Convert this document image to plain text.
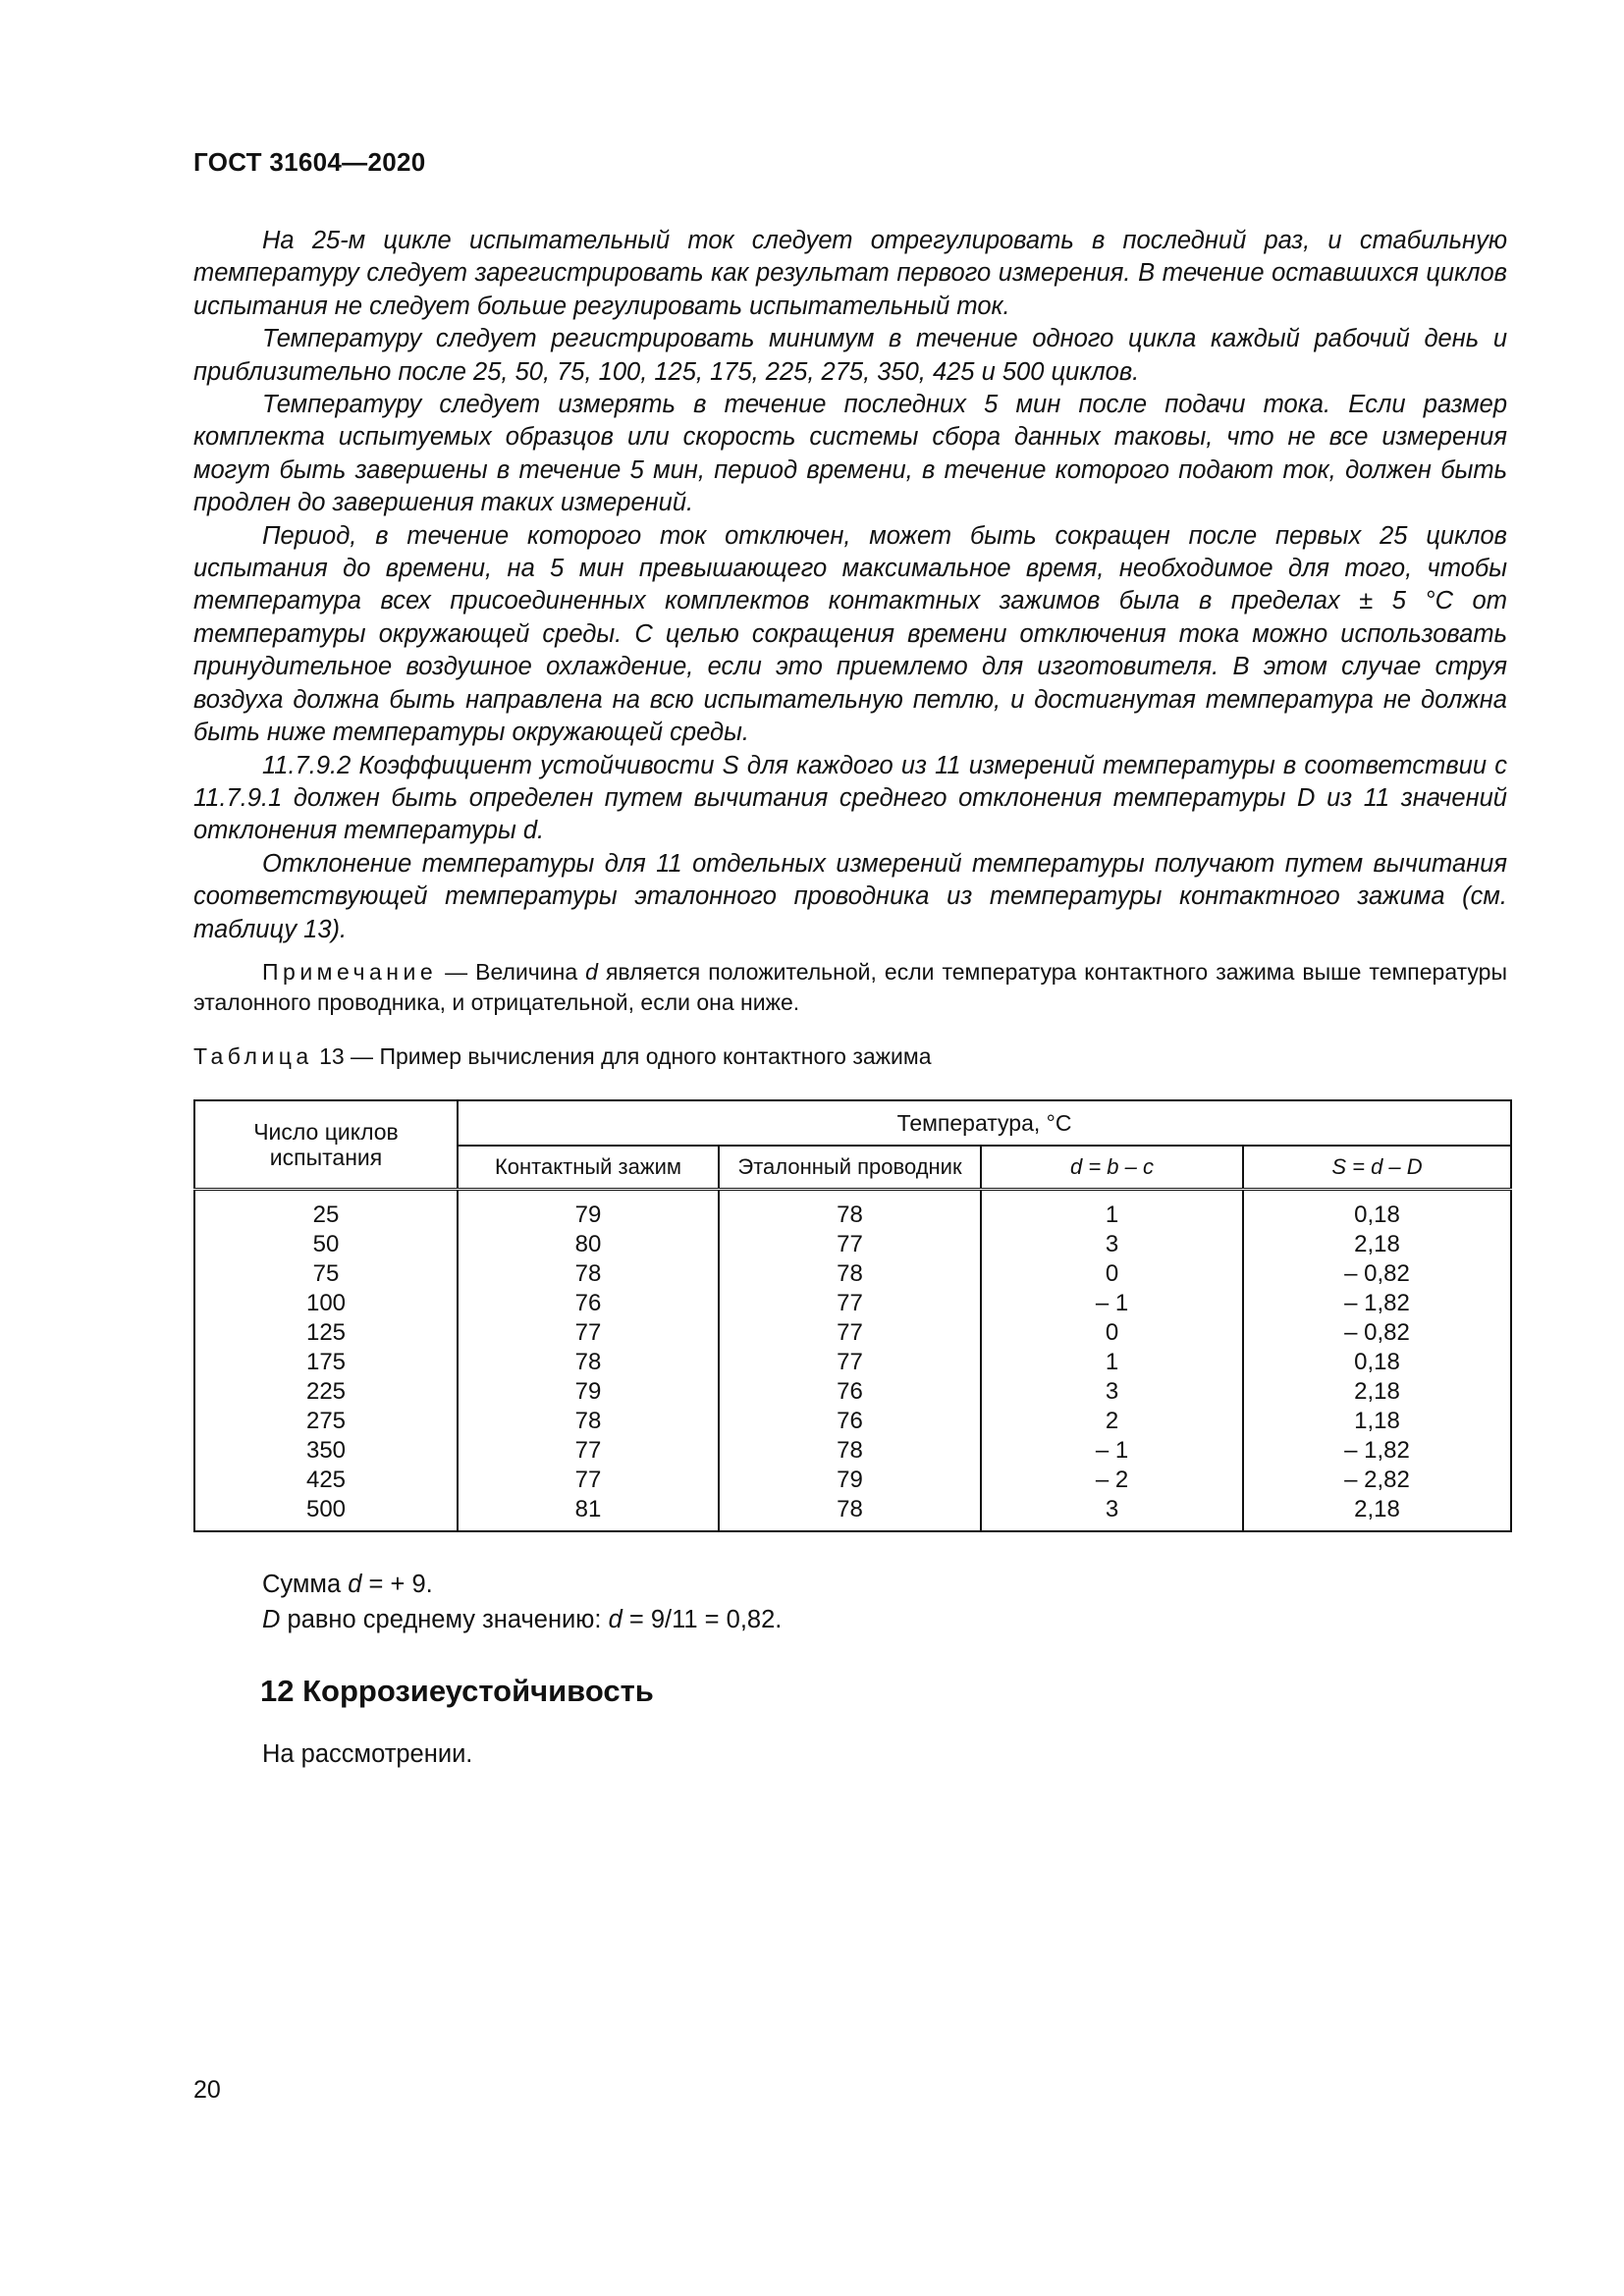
ГОСТ 31604—2020

На 25-м цикле испытательный ток следует отрегулировать в последний раз, и стабильную температуру следует зарегистрировать как результат первого измерения. В течение оставшихся циклов испытания не следует больше регулировать испытательный ток.

Температуру следует регистрировать минимум в течение одного цикла каждый рабочий день и приблизительно после 25, 50, 75, 100, 125, 175, 225, 275, 350, 425 и 500 циклов.

Температуру следует измерять в течение последних 5 мин после подачи тока. Если размер комплекта испытуемых образцов или скорость системы сбора данных таковы, что не все измерения могут быть завершены в течение 5 мин, период времени, в течение которого подают ток, должен быть продлен до завершения таких измерений.

Период, в течение которого ток отключен, может быть сокращен после первых 25 циклов испытания до времени, на 5 мин превышающего максимальное время, необходимое для того, чтобы температура всех присоединенных комплектов контактных зажимов была в пределах ± 5 °С от температуры окружающей среды. С целью сокращения времени отключения тока можно использовать принудительное воздушное охлаждение, если это приемлемо для изготовителя. В этом случае струя воздуха должна быть направлена на всю испытательную петлю, и достигнутая температура не должна быть ниже температуры окружающей среды.

11.7.9.2 Коэффициент устойчивости S для каждого из 11 измерений температуры в соответствии с 11.7.9.1 должен быть определен путем вычитания среднего отклонения температуры D из 11 значений отклонения температуры d.

Отклонение температуры для 11 отдельных измерений температуры получают путем вычитания соответствующей температуры эталонного проводника из температуры контактного зажима (см. таблицу 13).

Примечание — Величина d является положительной, если температура контактного зажима выше температуры эталонного проводника, и отрицательной, если она ниже.
Таблица 13 — Пример вычисления для одного контактного зажима
Число циклов испытания	Температура, °С			
	Контактный зажим	Эталонный проводник	d = b – c	S = d – D
25	79	78	1	0,18
50	80	77	3	2,18
75	78	78	0	– 0,82
100	76	77	– 1	– 1,82
125	77	77	0	– 0,82
175	78	77	1	0,18
225	79	76	3	2,18
275	78	76	2	1,18
350	77	78	– 1	– 1,82
425	77	79	– 2	– 2,82
500	81	78	3	2,18
Сумма d = + 9.
D равно среднему значению: d = 9/11 = 0,82.
12 Коррозиеустойчивость
На рассмотрении.
20
